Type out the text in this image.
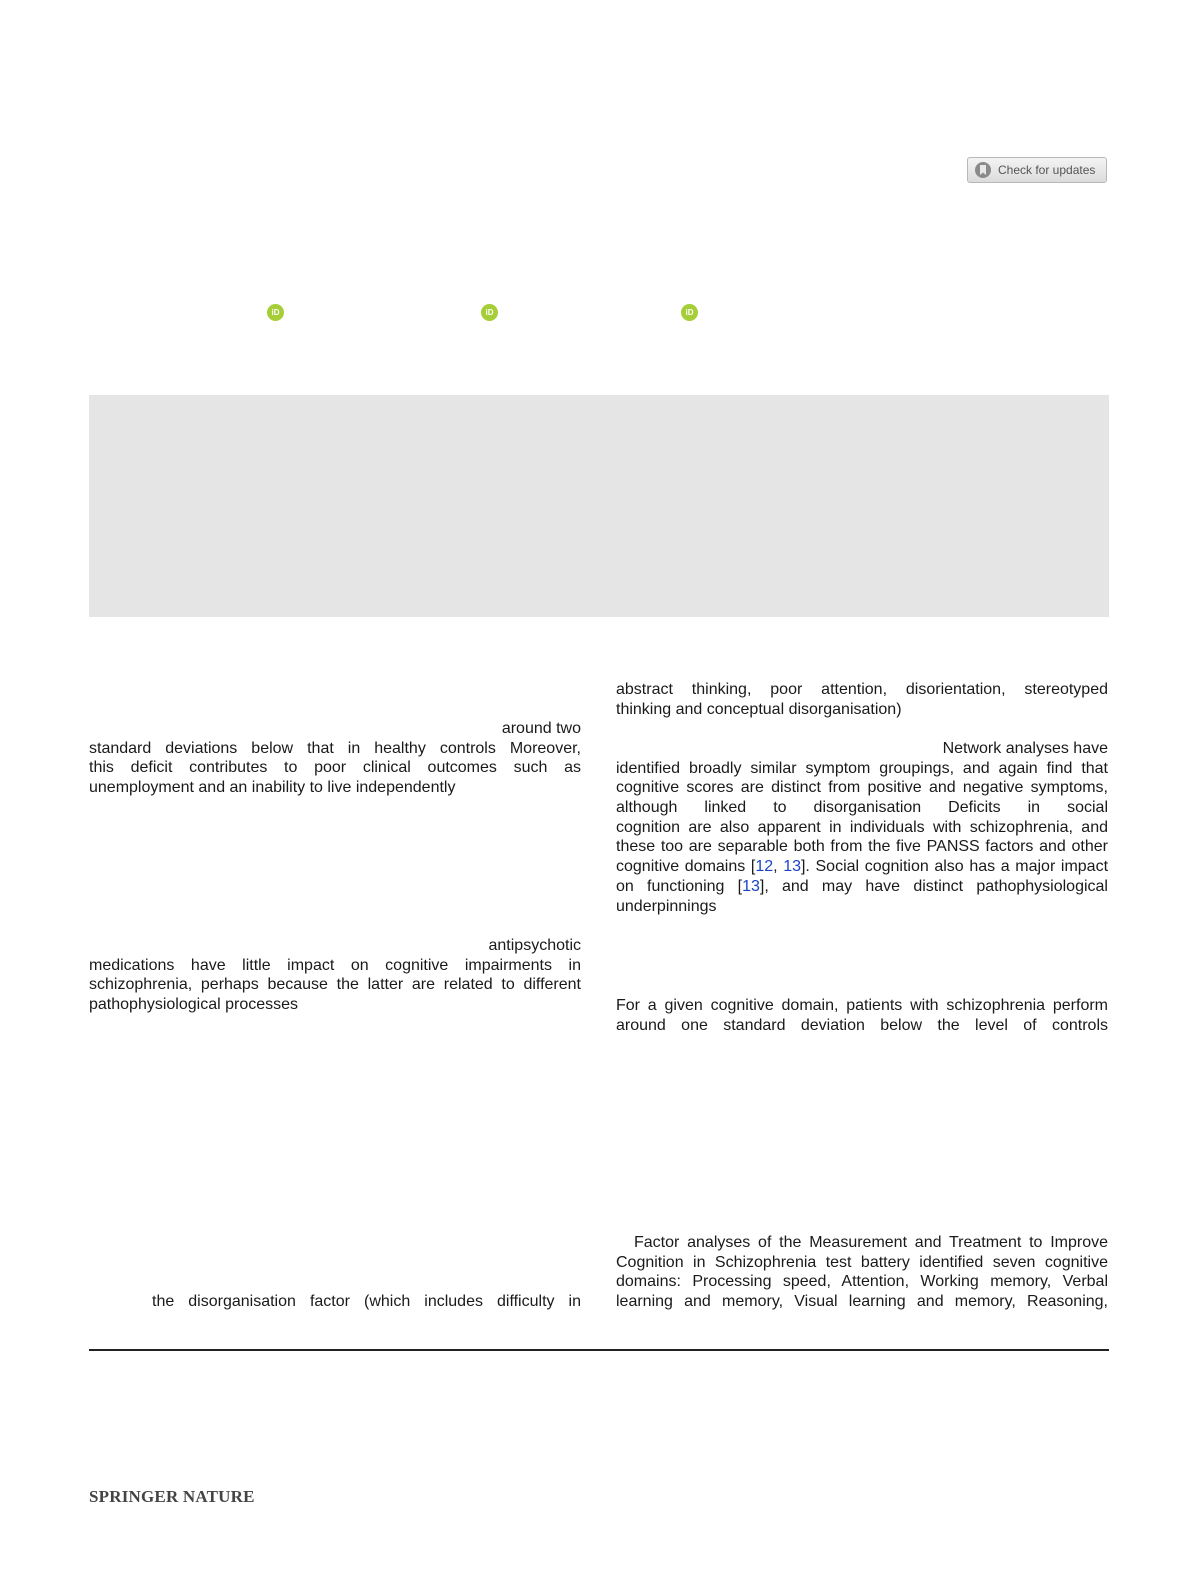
Check for updates
iD	iD	iD
around two
standard deviations below that in healthy controls Moreover,
this deficit contributes to poor clinical outcomes such as
unemployment and an inability to live independently
antipsychotic
medications have little impact on cognitive impairments in
schizophrenia, perhaps because the latter are related to different
pathophysiological processes
the disorganisation factor (which includes difficulty in
abstract thinking, poor attention, disorientation, stereotyped
thinking and conceptual disorganisation)
Network analyses have
identified broadly similar symptom groupings, and again find that
cognitive scores are distinct from positive and negative symptoms,
although linked to disorganisation Deficits in social
cognition are also apparent in individuals with schizophrenia, and
these too are separable both from the five PANSS factors and other
cognitive domains [12, 13]. Social cognition also has a major impact
on functioning [13], and may have distinct pathophysiological
underpinnings
For a given cognitive domain, patients with schizophrenia perform
around one standard deviation below the level of controls
Factor analyses of the Measurement and Treatment to Improve
Cognition in Schizophrenia test battery identified seven cognitive
domains: Processing speed, Attention, Working memory, Verbal
learning and memory, Visual learning and memory, Reasoning,
SPRINGER NATURE
